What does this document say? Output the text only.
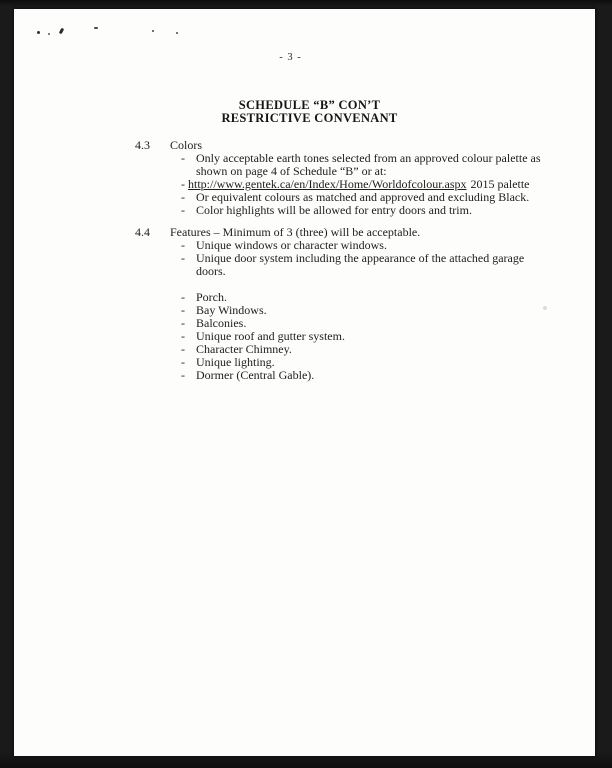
- 3 -
SCHEDULE “B” CON’T
RESTRICTIVE CONVENANT
4.3 Colors
- Only acceptable earth tones selected from an approved colour palette as
shown on page 4 of Schedule “B” or at:
- http://www.gentek.ca/en/Index/Home/Worldofcolour.aspx 2015 palette
- Or equivalent colours as matched and approved and excluding Black.
- Color highlights will be allowed for entry doors and trim.
4.4 Features – Minimum of 3 (three) will be acceptable.
- Unique windows or character windows.
- Unique door system including the appearance of the attached garage
doors.
- Porch.
- Bay Windows.
- Balconies.
- Unique roof and gutter system.
- Character Chimney.
- Unique lighting.
- Dormer (Central Gable).
